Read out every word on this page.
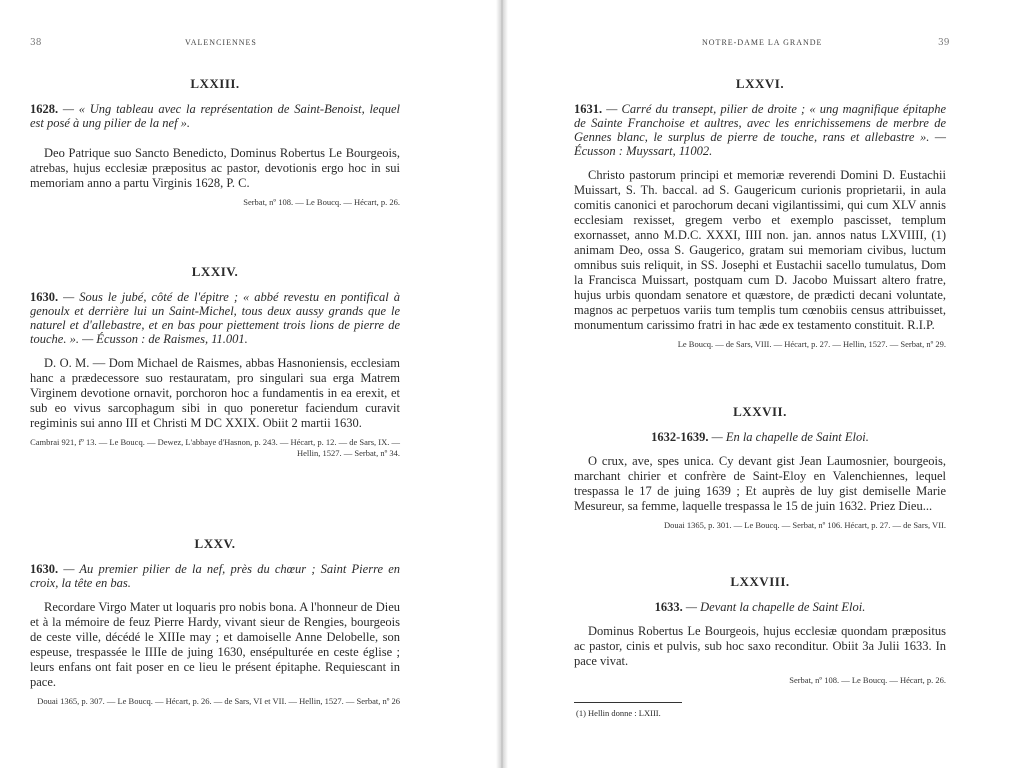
38	VALENCIENNES
LXXIII.
1628. — « Ung tableau avec la représentation de Saint-Benoist, lequel est posé à ung pilier de la nef ».
Deo Patrique suo Sancto Benedicto, Dominus Robertus Le Bourgeois, atrebas, hujus ecclesiæ præpositus ac pastor, devotionis ergo hoc in sui memoriam anno a partu Virginis 1628, P. C.
Serbat, nº 108. — Le Boucq. — Hécart, p. 26.
LXXIV.
1630. — Sous le jubé, côté de l'épitre ; « abbé revestu en pontifical à genoulx et derrière lui un Saint-Michel, tous deux aussy grands que le naturel et d'allebastre, et en bas pour piettement trois lions de pierre de touche. ». — Écusson : de Raismes, 11.001.
D. O. M. — Dom Michael de Raismes, abbas Hasnoniensis, ecclesiam hanc a prædecessore suo restauratam, pro singulari sua erga Matrem Virginem devotione ornavit, porchoron hoc a fundamentis in ea erexit, et sub eo vivus sarcophagum sibi in quo poneretur faciendum curavit regiminis sui anno III et Christi M DC XXIX. Obiit 2 martii 1630.
Cambrai 921, fº 13. — Le Boucq. — Dewez, L'abbaye d'Hasnon, p. 243. — Hécart, p. 12. — de Sars, IX. — Hellin, 1527. — Serbat, nº 34.
LXXV.
1630. — Au premier pilier de la nef, près du chœur ; Saint Pierre en croix, la tête en bas.
Recordare Virgo Mater ut loquaris pro nobis bona. A l'honneur de Dieu et à la mémoire de feuz Pierre Hardy, vivant sieur de Rengies, bourgeois de ceste ville, décédé le XIIIe may ; et damoiselle Anne Delobelle, son espeuse, trespassée le IIIIe de juing 1630, ensépulturée en ceste église ; leurs enfans ont fait poser en ce lieu le présent épitaphe. Requiescant in pace.
Douai 1365, p. 307. — Le Boucq. — Hécart, p. 26. — de Sars, VI et VII. — Hellin, 1527. — Serbat, nº 26
NOTRE-DAME LA GRANDE	39
LXXVI.
1631. — Carré du transept, pilier de droite ; « ung magnifique épitaphe de Sainte Franchoise et aultres, avec les enrichissemens de merbre de Gennes blanc, le surplus de pierre de touche, rans et allebastre ». — Écusson : Muyssart, 11002.
Christo pastorum principi et memoriæ reverendi Domini D. Eustachii Muissart, S. Th. baccal. ad S. Gaugericum curionis proprietarii, in aula comitis canonici et parochorum decani vigilantissimi, qui cum XLV annis ecclesiam rexisset, gregem verbo et exemplo pascisset, templum exornasset, anno M.D.C. XXXI, IIII non. jan. annos natus LXVIIII, (1) animam Deo, ossa S. Gaugerico, gratam sui memoriam civibus, luctum omnibus suis reliquit, in SS. Josephi et Eustachii sacello tumulatus, Dom la Francisca Muissart, postquam cum D. Jacobo Muissart altero fratre, hujus urbis quondam senatore et quæstore, de prædicti decani voluntate, magnos ac perpetuos variis tum templis tum cœnobiis census attribuisset, monumentum carissimo fratri in hac æde ex testamento constituit. R.I.P.
Le Boucq. — de Sars, VIII. — Hécart, p. 27. — Hellin, 1527. — Serbat, nº 29.
LXXVII.
1632-1639. — En la chapelle de Saint Eloi.
O crux, ave, spes unica. Cy devant gist Jean Laumosnier, bourgeois, marchant chirier et confrère de Saint-Eloy en Valenchiennes, lequel trespassa le 17 de juing 1639 ; Et auprès de luy gist demiselle Marie Mesureur, sa femme, laquelle trespassa le 15 de juin 1632. Priez Dieu...
Douai 1365, p. 301. — Le Boucq. — Serbat, nº 106. Hécart, p. 27. — de Sars, VII.
LXXVIII.
1633. — Devant la chapelle de Saint Eloi.
Dominus Robertus Le Bourgeois, hujus ecclesiæ quondam præpositus ac pastor, cinis et pulvis, sub hoc saxo reconditur. Obiit 3a Julii 1633. In pace vivat.
Serbat, nº 108. — Le Boucq. — Hécart, p. 26.
(1) Hellin donne : LXIII.
